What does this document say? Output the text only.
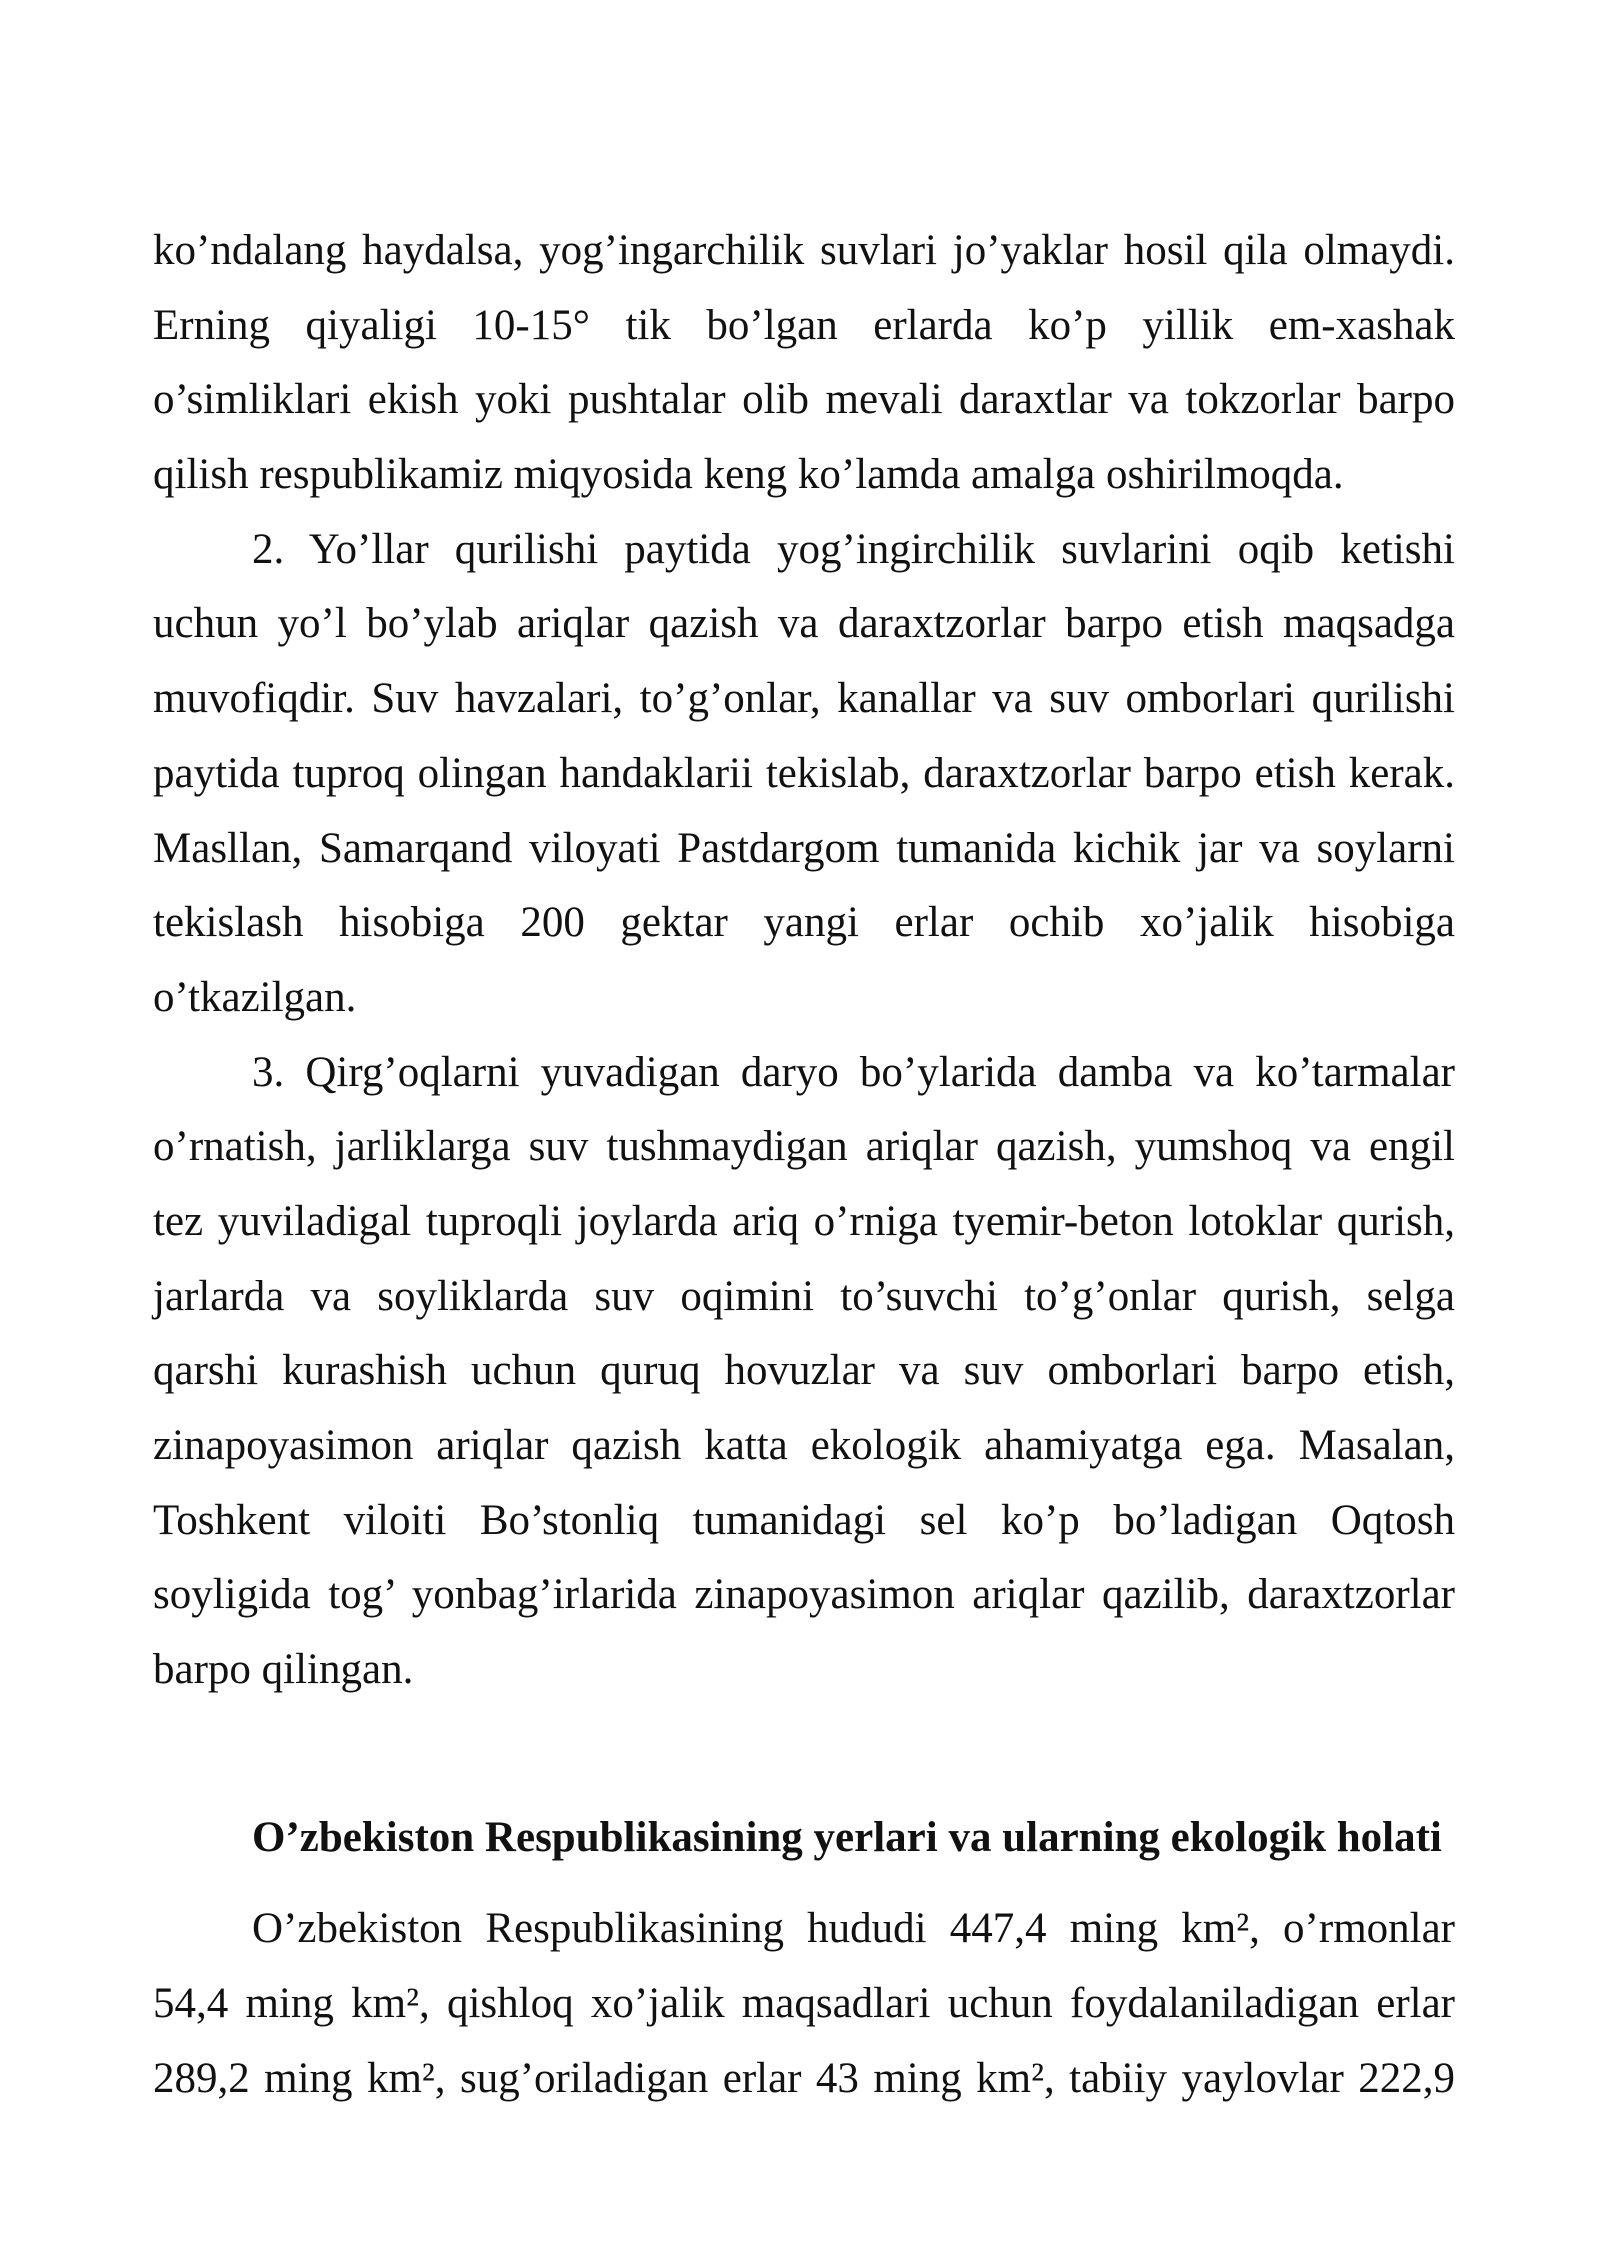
ko’ndalang haydalsa, yog’ingarchilik suvlari jo’yaklar hosil qila olmaydi.
Erning qiyaligi 10-15° tik bo’lgan erlarda ko’p yillik em-xashak
o’simliklari ekish yoki pushtalar olib mevali daraxtlar va tokzorlar barpo
qilish respublikamiz miqyosida keng ko’lamda amalga oshirilmoqda.
2. Yo’llar qurilishi paytida yog’ingirchilik suvlarini oqib ketishi
uchun yo’l bo’ylab ariqlar qazish va daraxtzorlar barpo etish maqsadga
muvofiqdir. Suv havzalari, to’g’onlar, kanallar va suv omborlari qurilishi
paytida tuproq olingan handaklarii tekislab, daraxtzorlar barpo etish kerak.
Masllan, Samarqand viloyati Pastdargom tumanida kichik jar va soylarni
tekislash hisobiga 200 gektar yangi erlar ochib xo’jalik hisobiga
o’tkazilgan.
3. Qirg’oqlarni yuvadigan daryo bo’ylarida damba va ko’tarmalar
o’rnatish, jarliklarga suv tushmaydigan ariqlar qazish, yumshoq va engil
tez yuviladigal tuproqli joylarda ariq o’rniga tyemir-beton lotoklar qurish,
jarlarda va soyliklarda suv oqimini to’suvchi to’g’onlar qurish, selga
qarshi kurashish uchun quruq hovuzlar va suv omborlari barpo etish,
zinapoyasimon ariqlar qazish katta ekologik ahamiyatga ega. Masalan,
Toshkent viloiti Bo’stonliq tumanidagi sel ko’p bo’ladigan Oqtosh
soyligida tog’ yonbag’irlarida zinapoyasimon ariqlar qazilib, daraxtzorlar
barpo qilingan.
O’zbekiston Respublikasining yerlari va ularning ekologik holati
O’zbekiston Respublikasining hududi 447,4 ming km², o’rmonlar
54,4 ming km², qishloq xo’jalik maqsadlari uchun foydalaniladigan erlar
289,2 ming km², sug’oriladigan erlar 43 ming km², tabiiy yaylovlar 222,9
